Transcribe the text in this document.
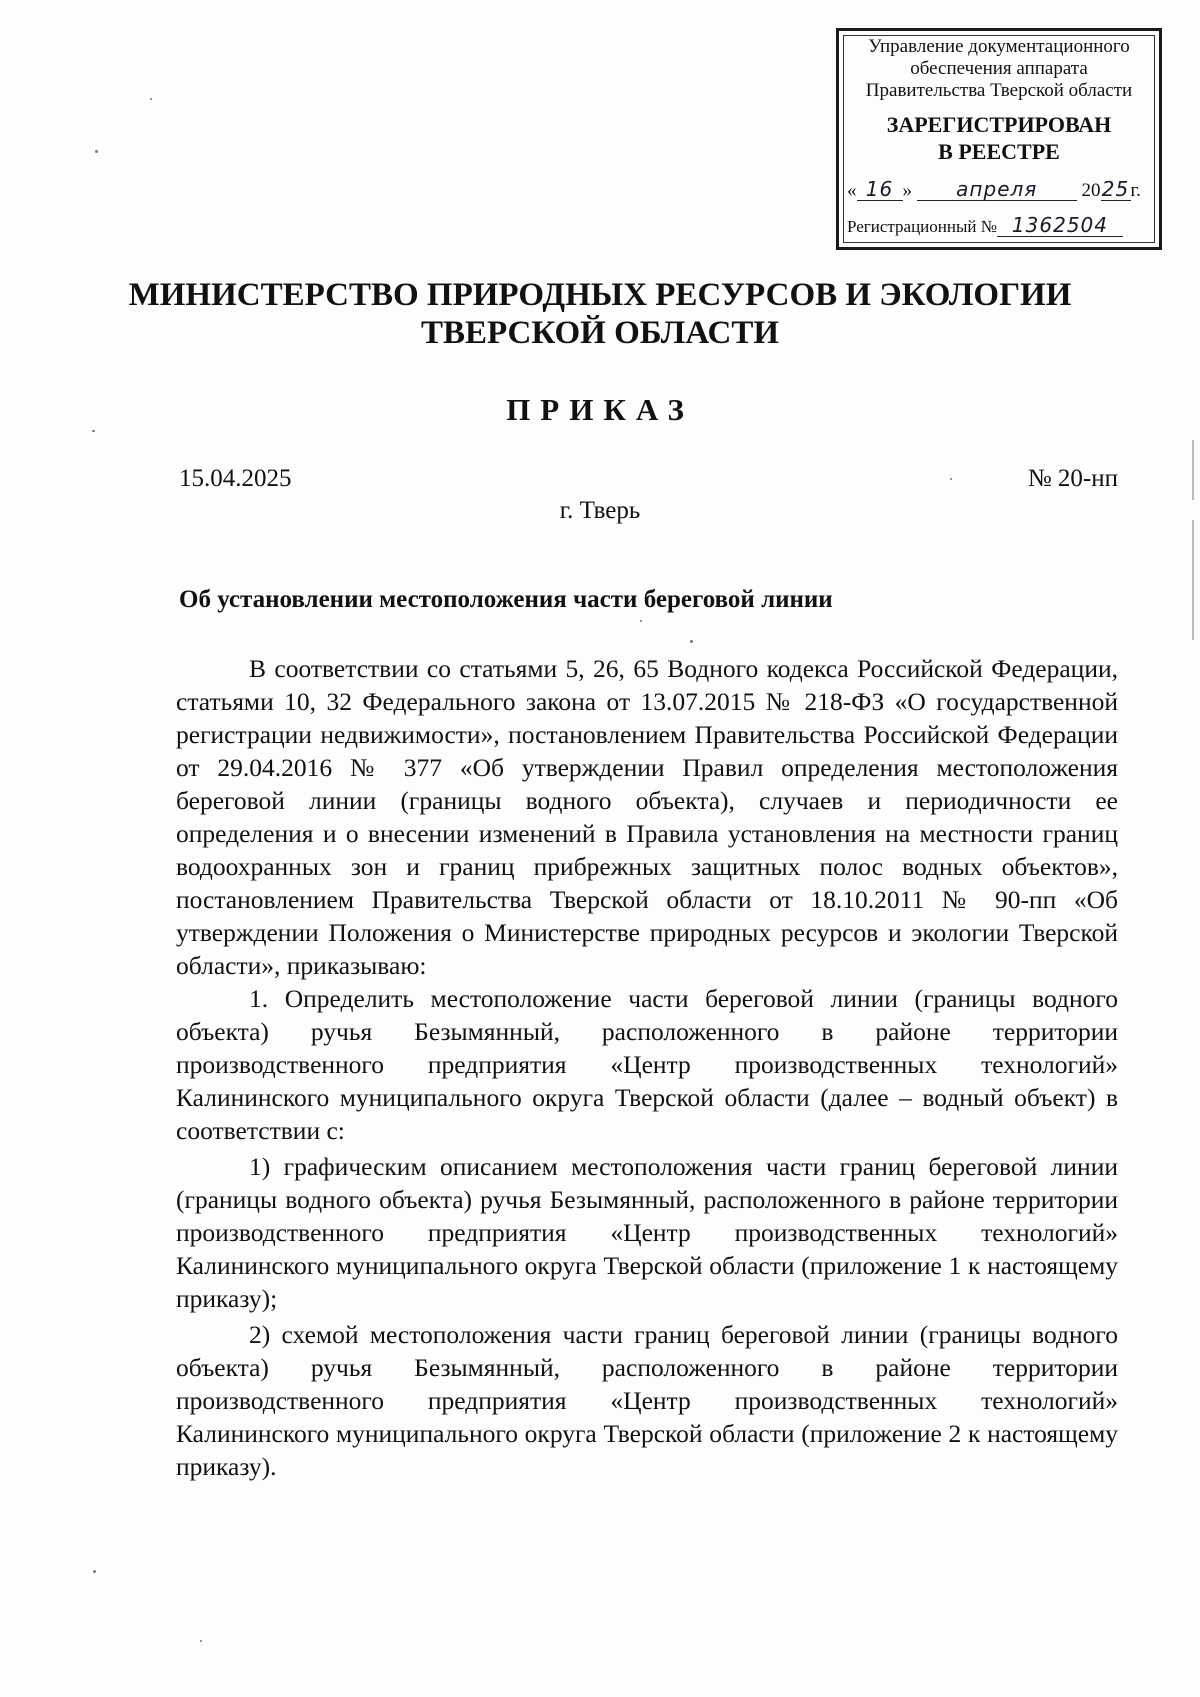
Управление документационного
обеспечения аппарата
Правительства Тверской области
ЗАРЕГИСТРИРОВАН
В РЕЕСТРЕ
« 16 » апреля 2025г.
Регистрационный № 1362504
МИНИСТЕРСТВО ПРИРОДНЫХ РЕСУРСОВ И ЭКОЛОГИИ
ТВЕРСКОЙ ОБЛАСТИ
ПРИКАЗ
15.04.2025	№ 20-нп
г. Тверь
Об установлении местоположения части береговой линии

В соответствии со статьями 5, 26, 65 Водного кодекса Российской Федерации, статьями 10, 32 Федерального закона от 13.07.2015 № 218-ФЗ «О государственной регистрации недвижимости», постановлением Правительства Российской Федерации от 29.04.2016 № 377 «Об утверждении Правил определения местоположения береговой линии (границы водного объекта), случаев и периодичности ее определения и о внесении изменений в Правила установления на местности границ водоохранных зон и границ прибрежных защитных полос водных объектов», постановлением Правительства Тверской области от 18.10.2011 № 90-пп «Об утверждении Положения о Министерстве природных ресурсов и экологии Тверской области», приказываю:

1. Определить местоположение части береговой линии (границы водного объекта) ручья Безымянный, расположенного в районе территории производственного предприятия «Центр производственных технологий» Калининского муниципального округа Тверской области (далее – водный объект) в соответствии с:

1) графическим описанием местоположения части границ береговой линии (границы водного объекта) ручья Безымянный, расположенного в районе территории производственного предприятия «Центр производственных технологий» Калининского муниципального округа Тверской области (приложение 1 к настоящему приказу);

2) схемой местоположения части границ береговой линии (границы водного объекта) ручья Безымянный, расположенного в районе территории производственного предприятия «Центр производственных технологий» Калининского муниципального округа Тверской области (приложение 2 к настоящему приказу).
